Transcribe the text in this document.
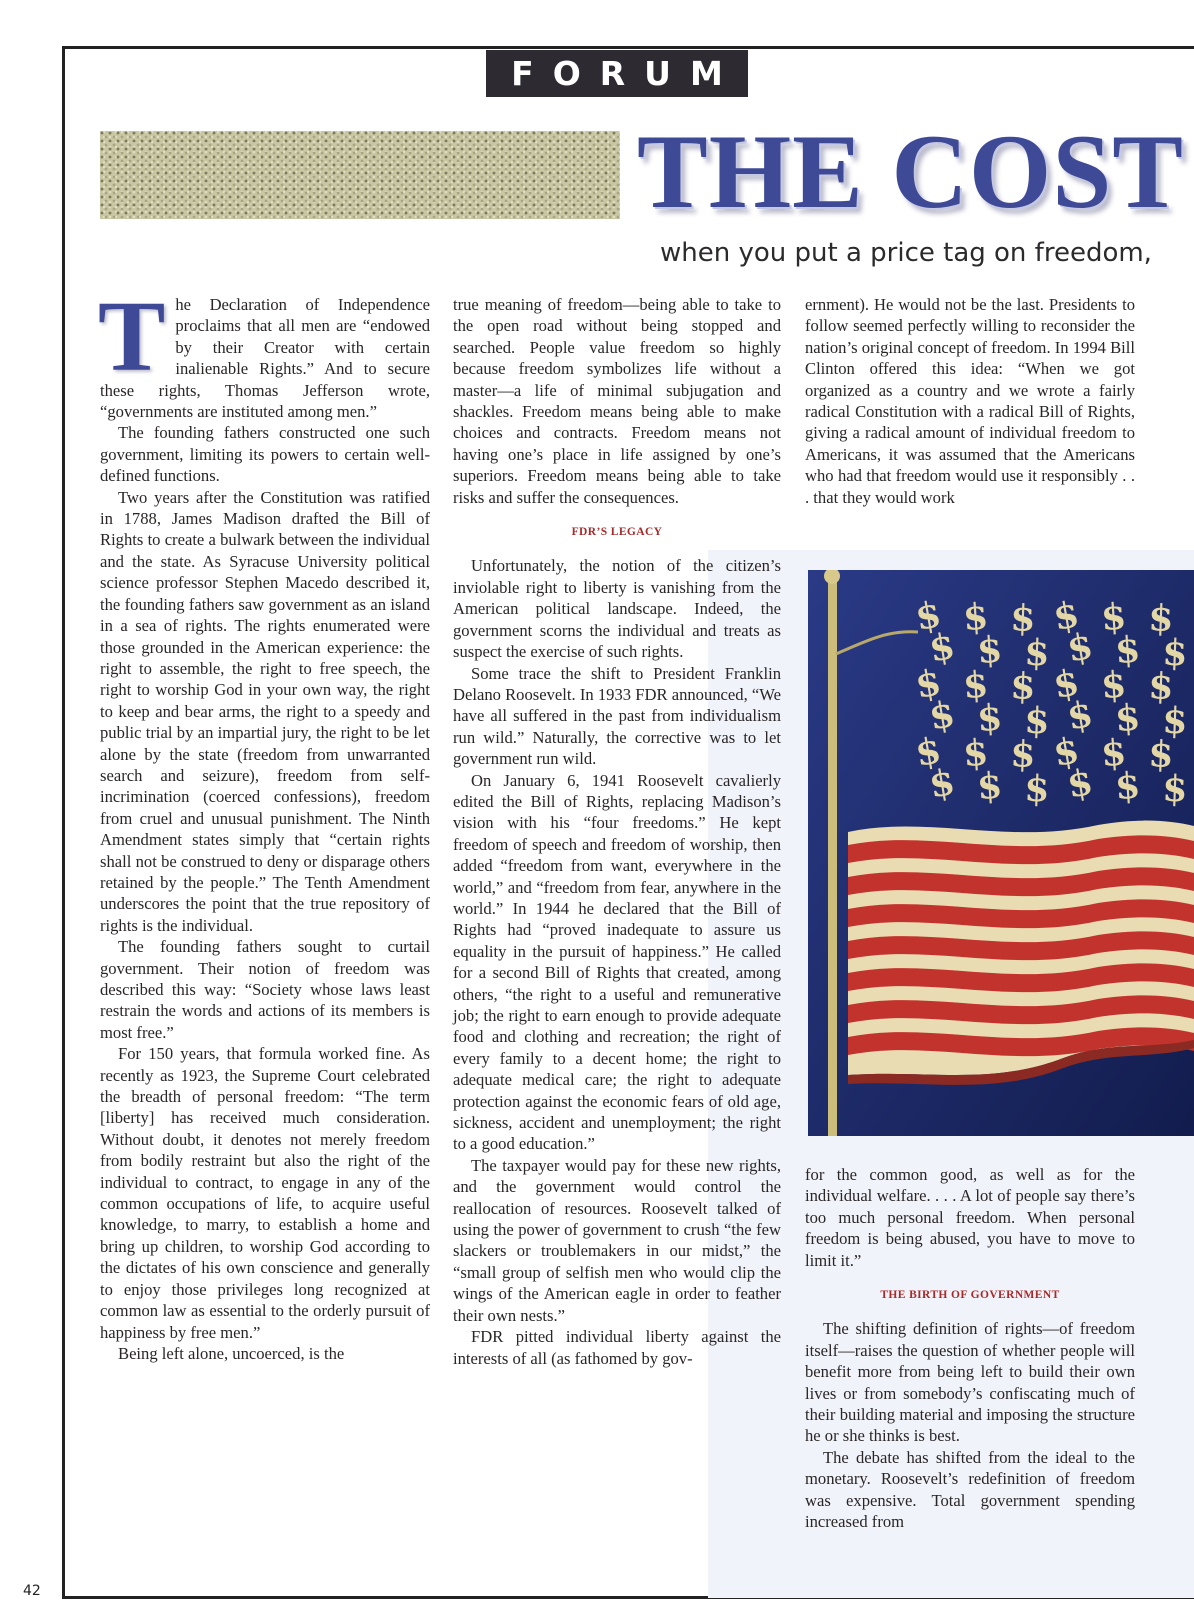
FORUM
THE COST
when you put a price tag on freedom,

The Declaration of Independence proclaims that all men are “endowed by their Creator with certain inalienable Rights.” And to secure these rights, Thomas Jefferson wrote, “governments are instituted among men.”

The founding fathers constructed one such government, limiting its powers to certain well-defined functions.

Two years after the Constitution was ratified in 1788, James Madison drafted the Bill of Rights to create a bulwark between the individual and the state. As Syracuse University political science professor Stephen Macedo described it, the founding fathers saw government as an island in a sea of rights. The rights enumerated were those grounded in the American experience: the right to assemble, the right to free speech, the right to worship God in your own way, the right to keep and bear arms, the right to a speedy and public trial by an impartial jury, the right to be let alone by the state (freedom from unwarranted search and seizure), freedom from self-incrimination (coerced confessions), freedom from cruel and unusual punishment. The Ninth Amendment states simply that “certain rights shall not be construed to deny or disparage others retained by the people.” The Tenth Amendment underscores the point that the true repository of rights is the individual.

The founding fathers sought to curtail government. Their notion of freedom was described this way: “Society whose laws least restrain the words and actions of its members is most free.”

For 150 years, that formula worked fine. As recently as 1923, the Supreme Court celebrated the breadth of personal freedom: “The term [liberty] has received much consideration. Without doubt, it denotes not merely freedom from bodily restraint but also the right of the individual to contract, to engage in any of the common occupations of life, to acquire useful knowledge, to marry, to establish a home and bring up children, to worship God according to the dictates of his own conscience and generally to enjoy those privileges long recognized at common law as essential to the orderly pursuit of happiness by free men.”

Being left alone, uncoerced, is the

true meaning of freedom—being able to take to the open road without being stopped and searched. People value freedom so highly because freedom symbolizes life without a master—a life of minimal subjugation and shackles. Freedom means being able to make choices and contracts. Freedom means not having one’s place in life assigned by one’s superiors. Freedom means being able to take risks and suffer the consequences.

FDR’S LEGACY

Unfortunately, the notion of the citizen’s inviolable right to liberty is vanishing from the American political landscape. Indeed, the government scorns the individual and treats as suspect the exercise of such rights.

Some trace the shift to President Franklin Delano Roosevelt. In 1933 FDR announced, “We have all suffered in the past from individualism run wild.” Naturally, the corrective was to let government run wild.

On January 6, 1941 Roosevelt cavalierly edited the Bill of Rights, replacing Madison’s vision with his “four freedoms.” He kept freedom of speech and freedom of worship, then added “freedom from want, everywhere in the world,” and “freedom from fear, anywhere in the world.” In 1944 he declared that the Bill of Rights had “proved inadequate to assure us equality in the pursuit of happiness.” He called for a second Bill of Rights that created, among others, “the right to a useful and remunerative job; the right to earn enough to provide adequate food and clothing and recreation; the right of every family to a decent home; the right to adequate medical care; the right to adequate protection against the economic fears of old age, sickness, accident and unemployment; the right to a good education.”

The taxpayer would pay for these new rights, and the government would control the reallocation of resources. Roosevelt talked of using the power of government to crush “the few slackers or troublemakers in our midst,” the “small group of selfish men who would clip the wings of the American eagle in order to feather their own nests.”

FDR pitted individual liberty against the interests of all (as fathomed by gov-

ernment). He would not be the last. Presidents to follow seemed perfectly willing to reconsider the nation’s original concept of freedom. In 1994 Bill Clinton offered this idea: “When we got organized as a country and we wrote a fairly radical Constitution with a radical Bill of Rights, giving a radical amount of individual freedom to Americans, it was assumed that the Americans who had that freedom would use it responsibly . . . that they would work

$ $ $ $ $ $
$ $ $ $ $ $
$ $ $ $ $ $
$ $ $ $ $ $
$ $ $ $ $ $
$ $ $ $ $ $

for the common good, as well as for the individual welfare. . . . A lot of people say there’s too much personal freedom. When personal freedom is being abused, you have to move to limit it.”

THE BIRTH OF GOVERNMENT

The shifting definition of rights—of freedom itself—raises the question of whether people will benefit more from being left to build their own lives or from somebody’s confiscating much of their building material and imposing the structure he or she thinks is best.

The debate has shifted from the ideal to the monetary. Roosevelt’s redefinition of freedom was expensive. Total government spending increased from

42
